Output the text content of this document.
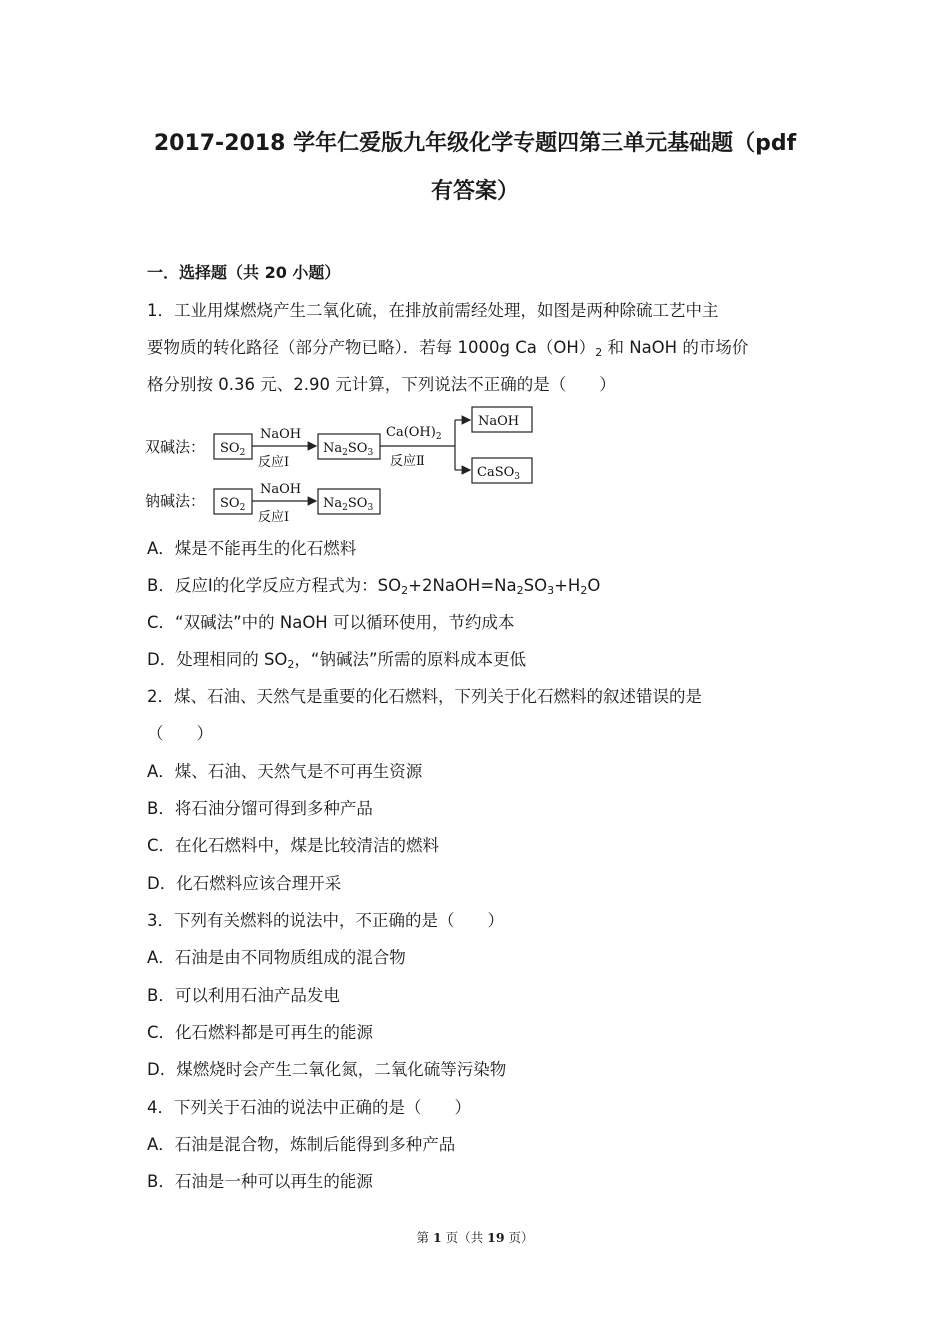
2017-2018 学年仁爱版九年级化学专题四第三单元基础题（pdf
有答案）
一．选择题（共 20 小题）
1．工业用煤燃烧产生二氧化硫，在排放前需经处理，如图是两种除硫工艺中主
要物质的转化路径（部分产物已略）．若每 1000g $Ca(OH)_2$ 和 NaOH 的市场价
格分别按 0.36 元、2.90 元计算，下列说法不正确的是（　　）
双碱法： $SO_2$
NaOH
反应Ⅰ
$Na_2SO_3$
$Ca(OH)_2$
反应Ⅱ
NaOH
CaSO$_3$
钠碱法： $SO_2$
NaOH
反应Ⅰ
$Na_2SO_3$
A．煤是不能再生的化石燃料
B．反应Ⅰ的化学反应方程式为：$SO_2+2NaOH=Na_2SO_3+H_2O$
C．“双碱法”中的 NaOH 可以循环使用，节约成本
D．处理相同的 $SO_2$，“钠碱法”所需的原料成本更低
2．煤、石油、天然气是重要的化石燃料，下列关于化石燃料的叙述错误的是
（　　）
A．煤、石油、天然气是不可再生资源
B．将石油分馏可得到多种产品
C．在化石燃料中，煤是比较清洁的燃料
D．化石燃料应该合理开采
3．下列有关燃料的说法中，不正确的是（　　）
A．石油是由不同物质组成的混合物
B．可以利用石油产品发电
C．化石燃料都是可再生的能源
D．煤燃烧时会产生二氧化氮，二氧化硫等污染物
4．下列关于石油的说法中正确的是（　　）
A．石油是混合物，炼制后能得到多种产品
B．石油是一种可以再生的能源
第 1 页（共 19 页）
